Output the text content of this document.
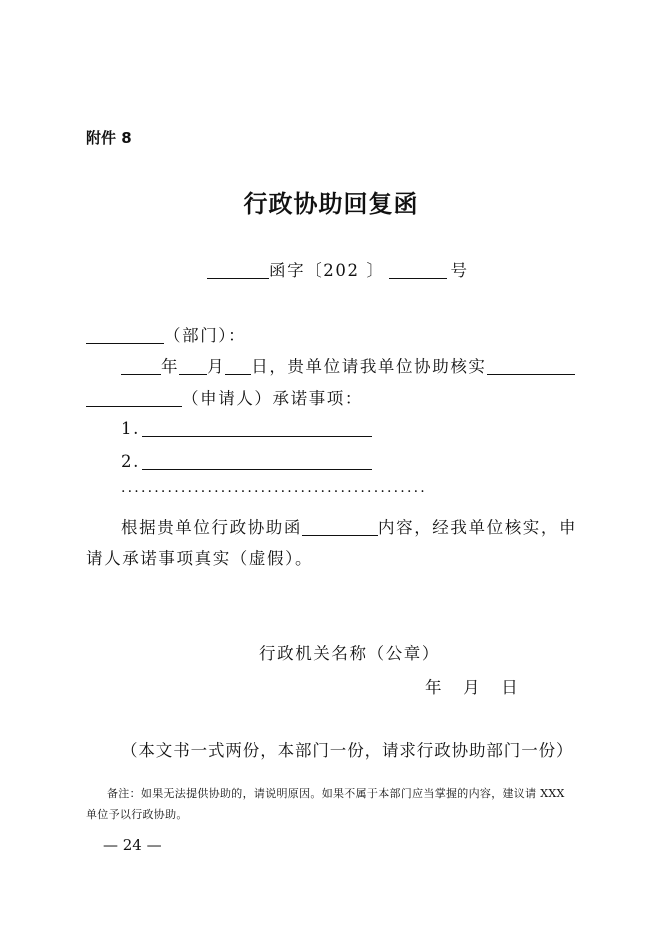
附件 8
行政协助回复函
函字〔202 〕	号
（部门）：
年 月 日，贵单位请我单位协助核实
（申请人）承诺事项：
1.
2.
..............................................
根据贵单位行政协助函	内容，经我单位核实，申
请人承诺事项真实（虚假）。
行政机关名称（公章）
年 月 日
（本文书一式两份，本部门一份，请求行政协助部门一份）
备注：如果无法提供协助的，请说明原因。如果不属于本部门应当掌握的内容，建议请 XXX
单位予以行政协助。
— 24 —
